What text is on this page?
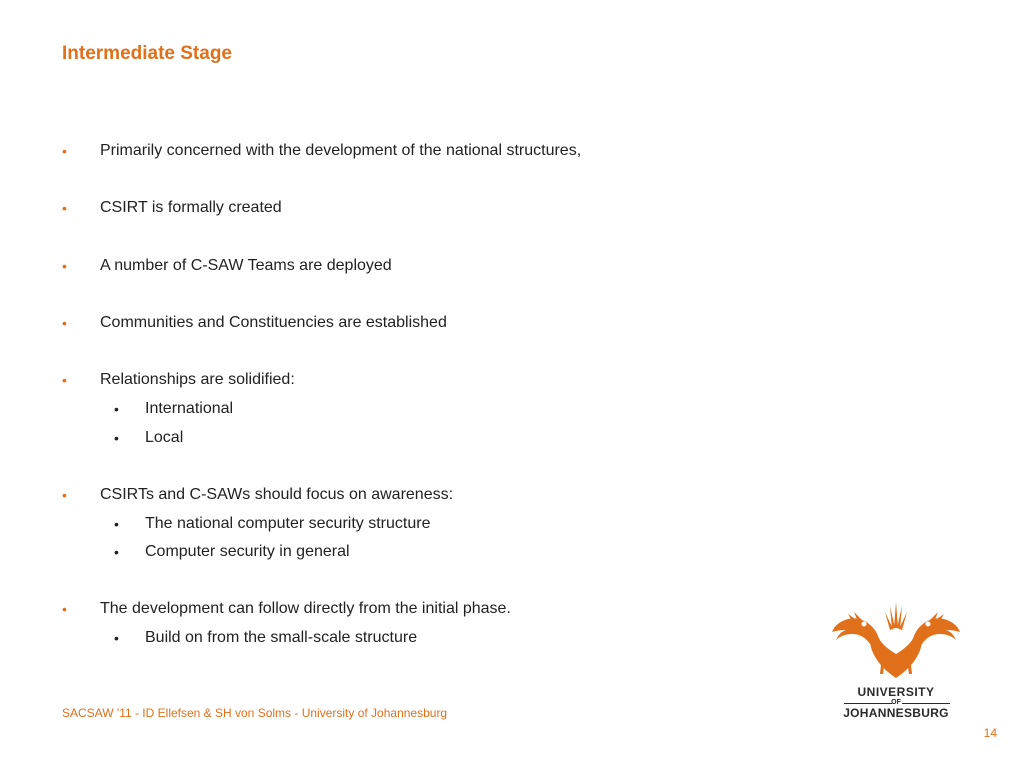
Intermediate Stage
•	Primarily concerned with the development of the national structures,
•	CSIRT is formally created
•	A number of C-SAW Teams are deployed
•	Communities and Constituencies are established
•	Relationships are solidified:
• International
• Local
•	CSIRTs and C-SAWs should focus on awareness:
• The national computer security structure
• Computer security in general
•	The development can follow directly from the initial phase.
• Build on from the small-scale structure
SACSAW '11 - ID Ellefsen & SH von Solms - University of Johannesburg
14
UNIVERSITY
OF
JOHANNESBURG
